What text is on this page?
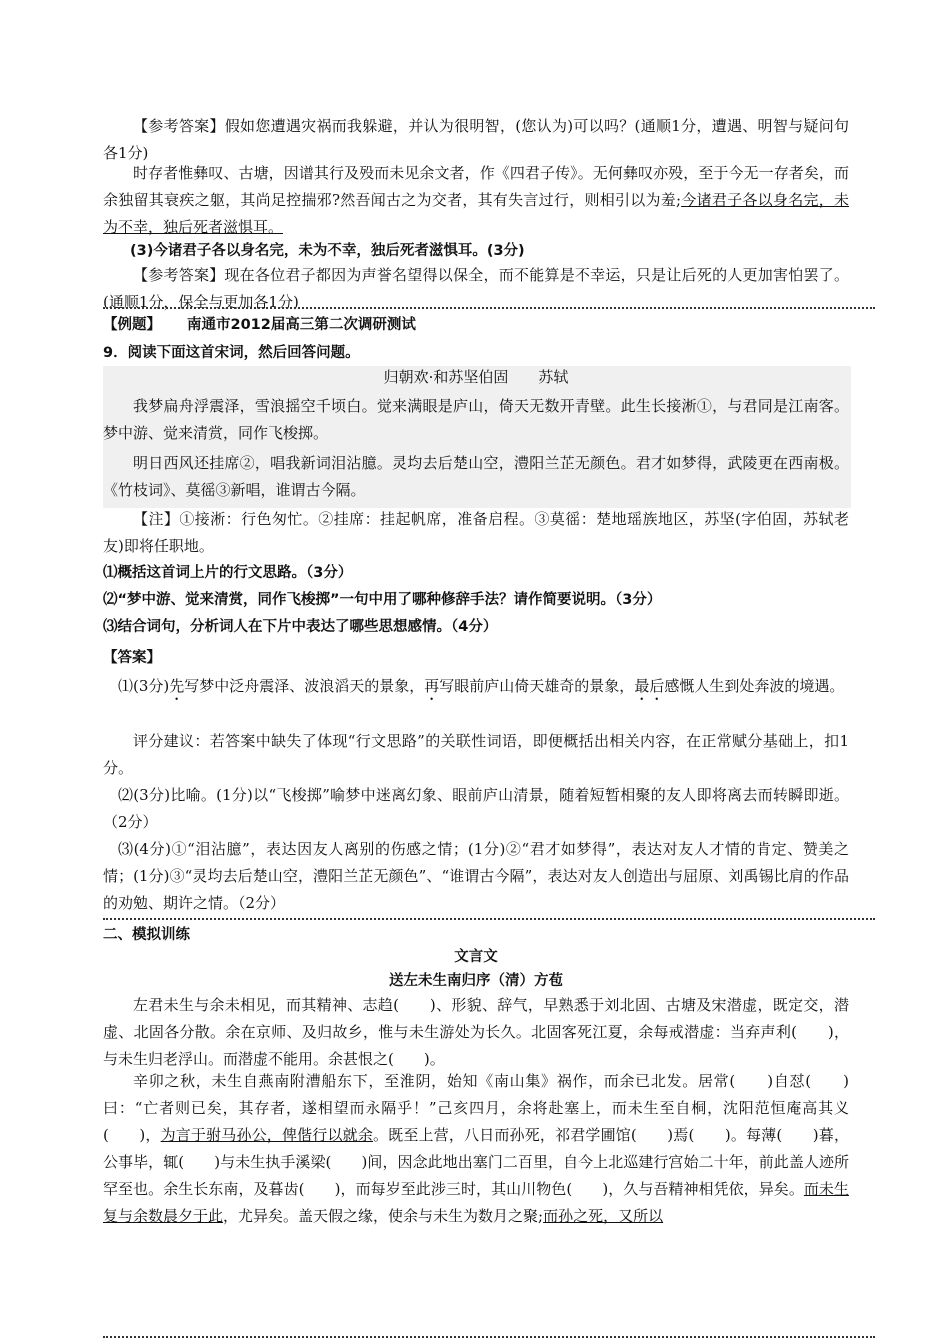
【参考答案】假如您遭遇灾祸而我躲避，并认为很明智，(您认为)可以吗？(通顺1分，遭遇、明智与疑问句各1分)

时存者惟彝叹、古塘，因谱其行及殁而未见余文者，作《四君子传》。无何彝叹亦殁，至于今无一存者矣，而余独留其衰疾之躯，其尚足控揣邪?然吾闻古之为交者，其有失言过行，则相引以为羞;今诸君子各以身名完，未为不幸，独后死者滋惧耳。

(3)今诸君子各以身名完，未为不幸，独后死者滋惧耳。(3分)

【参考答案】现在各位君子都因为声誉名望得以保全，而不能算是不幸运，只是让后死的人更加害怕罢了。(通顺1分，保全与更加各1分)

【例题】 南通市2012届高三第二次调研测试

9．阅读下面这首宋词，然后回答问题。

归朝欢·和苏坚伯固　　苏轼

我梦扁舟浮震泽，雪浪摇空千顷白。觉来满眼是庐山，倚天无数开青壁。此生长接淅①，与君同是江南客。梦中游、觉来清赏，同作飞梭掷。

明日西风还挂席②，唱我新词泪沾臆。灵均去后楚山空，澧阳兰芷无颜色。君才如梦得，武陵更在西南极。《竹枝词》、莫徭③新唱，谁谓古今隔。

【注】①接淅：行色匆忙。②挂席：挂起帆席，准备启程。③莫徭：楚地瑶族地区，苏坚(字伯固，苏轼老友)即将任职地。

⑴概括这首词上片的行文思路。（3分）

⑵“梦中游、觉来清赏，同作飞梭掷”一句中用了哪种修辞手法？请作简要说明。（3分）

⑶结合词句，分析词人在下片中表达了哪些思想感情。（4分）

【答案】

⑴(3分)先写梦中泛舟震泽、波浪滔天的景象，再写眼前庐山倚天雄奇的景象，最后感慨人生到处奔波的境遇。

评分建议：若答案中缺失了体现“行文思路”的关联性词语，即便概括出相关内容，在正常赋分基础上，扣1分。

⑵(3分)比喻。(1分)以“飞梭掷”喻梦中迷离幻象、眼前庐山清景，随着短暂相聚的友人即将离去而转瞬即逝。（2分）

⑶(4分)①“泪沾臆”，表达因友人离别的伤感之情；(1分)②“君才如梦得”，表达对友人才情的肯定、赞美之情；(1分)③“灵均去后楚山空，澧阳兰芷无颜色”、“谁谓古今隔”，表达对友人创造出与屈原、刘禹锡比肩的作品的劝勉、期许之情。（2分）

二、模拟训练

文言文

送左未生南归序（清）方苞

左君未生与余未相见，而其精神、志趋(　　)、形貌、辞气，早熟悉于刘北固、古塘及宋潜虚，既定交，潜虚、北固各分散。余在京师、及归故乡，惟与未生游处为长久。北固客死江夏，余每戒潜虚：当弃声利(　　)，与未生归老浮山。而潜虚不能用。余甚恨之(　　)。

辛卯之秋，未生自燕南附漕船东下，至淮阴，始知《南山集》祸作，而余已北发。居常(　　)自怼(　　)曰：“亡者则已矣，其存者，遂相望而永隔乎！”己亥四月，余将赴塞上，而未生至自桐，沈阳范恒庵高其义(　　)，为言于驸马孙公，俾偕行以就余。既至上营，八日而孙死，祁君学圃馆(　　)焉(　　)。每薄(　　)暮，公事毕，辄(　　)与未生执手溪梁(　　)间，因念此地出塞门二百里，自今上北巡建行宫始二十年，前此盖人迹所罕至也。余生长东南，及暮齿(　　)，而每岁至此涉三时，其山川物色(　　)，久与吾精神相凭依，异矣。而未生复与余数晨夕于此，尤异矣。盖天假之缘，使余与未生为数月之聚;而孙之死，又所以
